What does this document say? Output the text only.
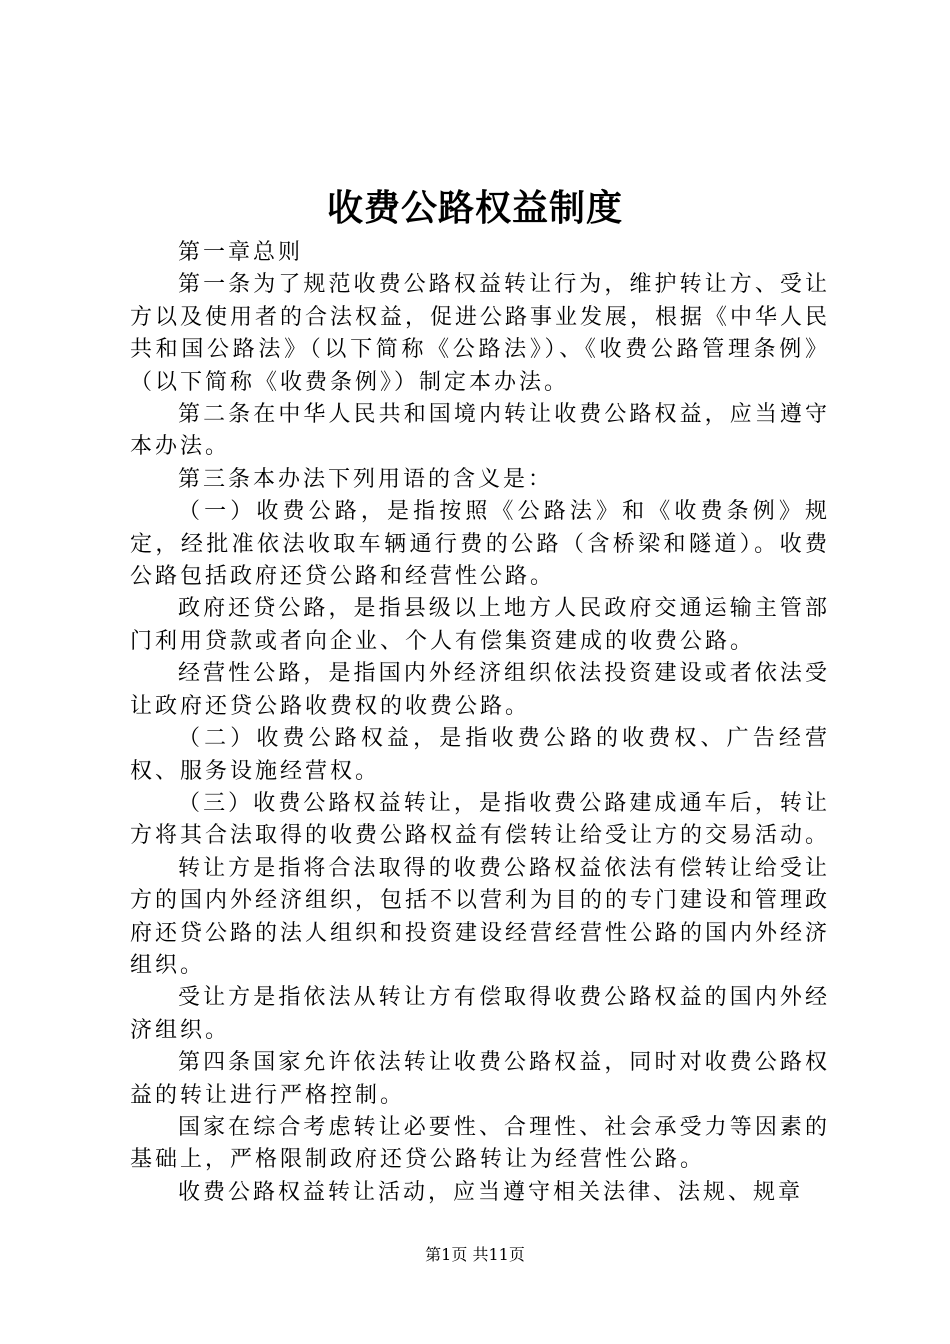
收费公路权益制度

第一章总则

第一条为了规范收费公路权益转让行为，维护转让方、受让方以及使用者的合法权益，促进公路事业发展，根据《中华人民共和国公路法》（以下简称《公路法》）、《收费公路管理条例》（以下简称《收费条例》）制定本办法。

第二条在中华人民共和国境内转让收费公路权益，应当遵守本办法。

第三条本办法下列用语的含义是：

（一）收费公路，是指按照《公路法》和《收费条例》规定，经批准依法收取车辆通行费的公路（含桥梁和隧道）。收费公路包括政府还贷公路和经营性公路。

政府还贷公路，是指县级以上地方人民政府交通运输主管部门利用贷款或者向企业、个人有偿集资建成的收费公路。

经营性公路，是指国内外经济组织依法投资建设或者依法受让政府还贷公路收费权的收费公路。

（二）收费公路权益，是指收费公路的收费权、广告经营权、服务设施经营权。

（三）收费公路权益转让，是指收费公路建成通车后，转让方将其合法取得的收费公路权益有偿转让给受让方的交易活动。

转让方是指将合法取得的收费公路权益依法有偿转让给受让方的国内外经济组织，包括不以营利为目的的专门建设和管理政府还贷公路的法人组织和投资建设经营经营性公路的国内外经济组织。

受让方是指依法从转让方有偿取得收费公路权益的国内外经济组织。

第四条国家允许依法转让收费公路权益，同时对收费公路权益的转让进行严格控制。

国家在综合考虑转让必要性、合理性、社会承受力等因素的基础上，严格限制政府还贷公路转让为经营性公路。

收费公路权益转让活动，应当遵守相关法律、法规、规章

第1页 共11页
